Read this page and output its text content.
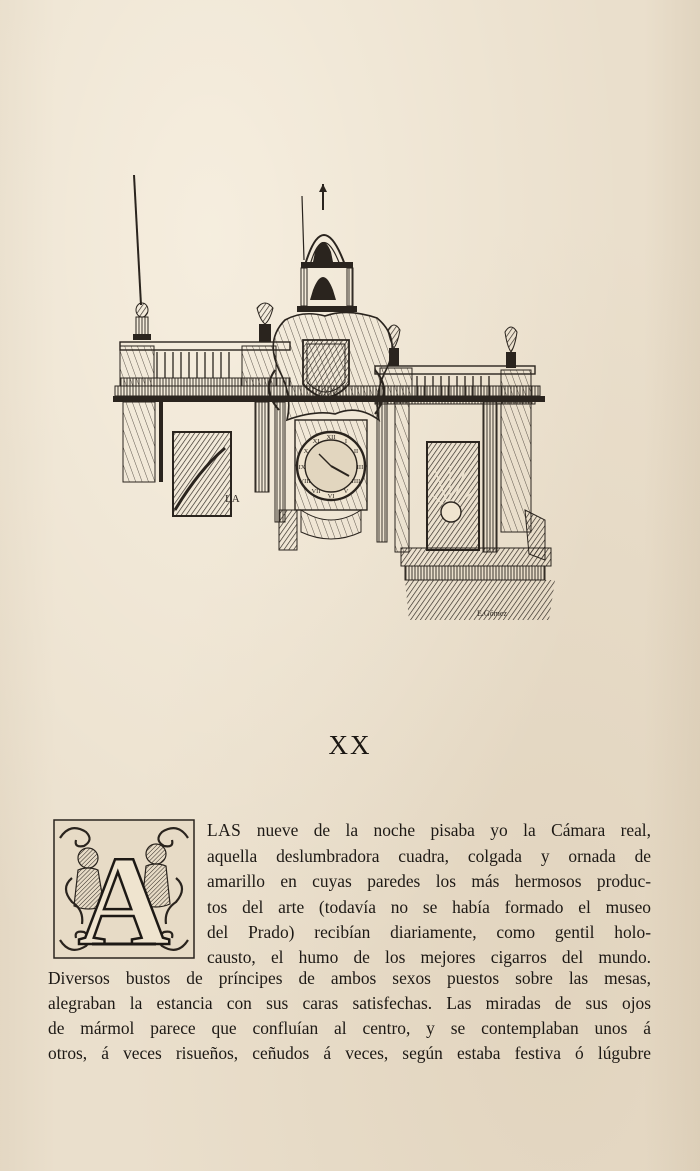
LA
XII
I
II
III
IIII
V
VI
VII
VIII
IX
X
XI
E.Gómez
XX
A LAS nueve de la noche pisaba yo la Cámara real,
aquella deslumbradora cuadra, colgada y ornada de
amarillo en cuyas paredes los más hermosos produc-
tos del arte (todavía no se había formado el museo
del Prado) recibían diariamente, como gentil holo-
causto, el humo de los mejores cigarros del mundo.
Diversos bustos de príncipes de ambos sexos puestos sobre las mesas,
alegraban la estancia con sus caras satisfechas. Las miradas de sus ojos
de mármol parece que confluían al centro, y se contemplaban unos á
otros, á veces risueños, ceñudos á veces, según estaba festiva ó lúgubre
